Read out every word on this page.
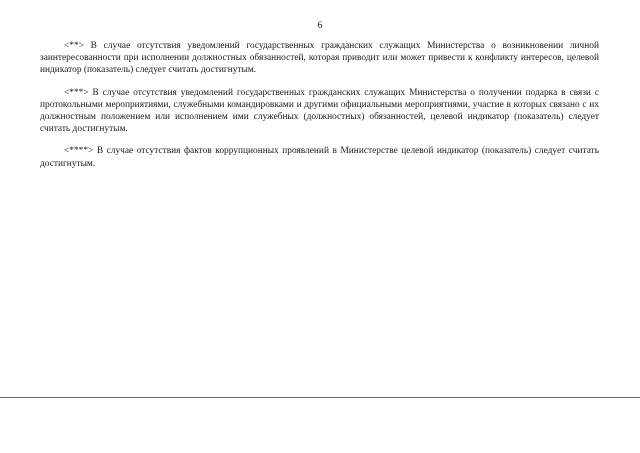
6

<**> В случае отсутствия уведомлений государственных гражданских служащих Министерства о возникновении личной заинтересованности при исполнении должностных обязанностей, которая приводит или может привести к конфликту интересов, целевой индикатор (показатель) следует считать достигнутым.

<***> В случае отсутствия уведомлений государственных гражданских служащих Министерства о получении подарка в связи с протокольными мероприятиями, служебными командировками и другими официальными мероприятиями, участие в которых связано с их должностным положением или исполнением ими служебных (должностных) обязанностей, целевой индикатор (показатель) следует считать достигнутым.

<****> В случае отсутствия фактов коррупционных проявлений в Министерстве целевой индикатор (показатель) следует считать достигнутым.
